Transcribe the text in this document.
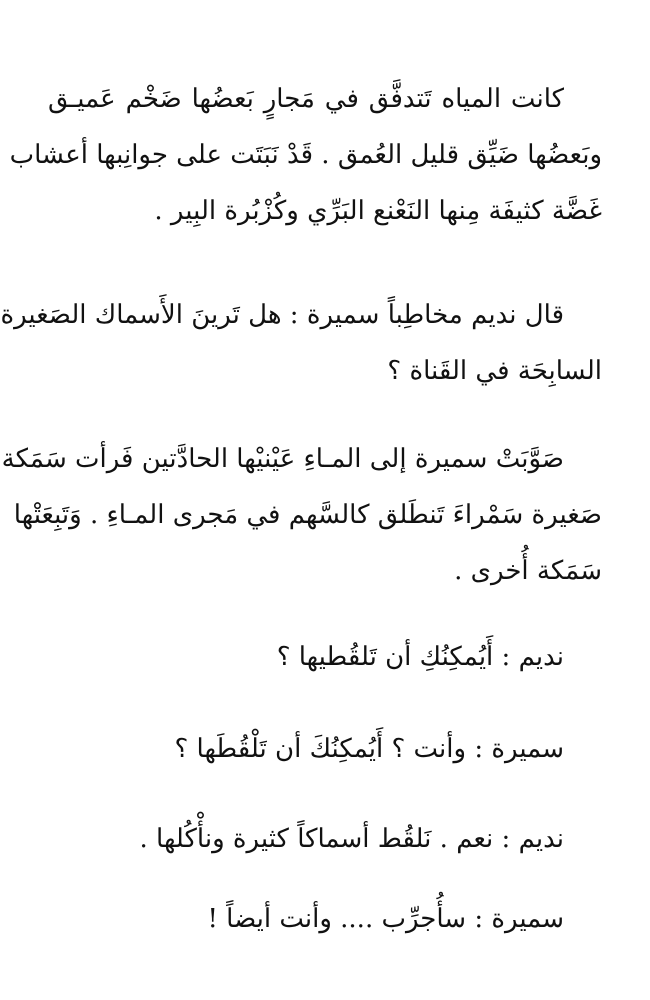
كانت المياه تَتدفَّق في مَجارٍ بَعضُها ضَخْم عَميـق
وبَعضُها ضَيِّق قليل العُمق . قَدْ نَبَتَت على جوانِبها أعشاب
غَضَّة كثيفَة مِنها النَعْنع البَرِّي وكُزْبُرة البِير .
قال نديم مخاطِباً سميرة : هل تَرينَ الأَسماك الصَغيرة
السابِحَة في القَناة ؟
صَوَّبَتْ سميرة إلى المـاءِ عَيْنيْها الحادَّتين فَرأت سَمَكة
صَغيرة سَمْراءَ تَنطَلق كالسَّهم في مَجرى المـاءِ . وَتَبِعَتْها
سَمَكة أُخرى .
نديم : أَيُمكِنُكِ أن تَلقُطيها ؟
سميرة : وأنت ؟ أَيُمكِنُكَ أن تَلْقُطَها ؟
نديم : نعم . نَلقُط أسماكاً كثيرة ونأْكُلها .
سميرة : سأُجرِّب .... وأنت أيضاً !
